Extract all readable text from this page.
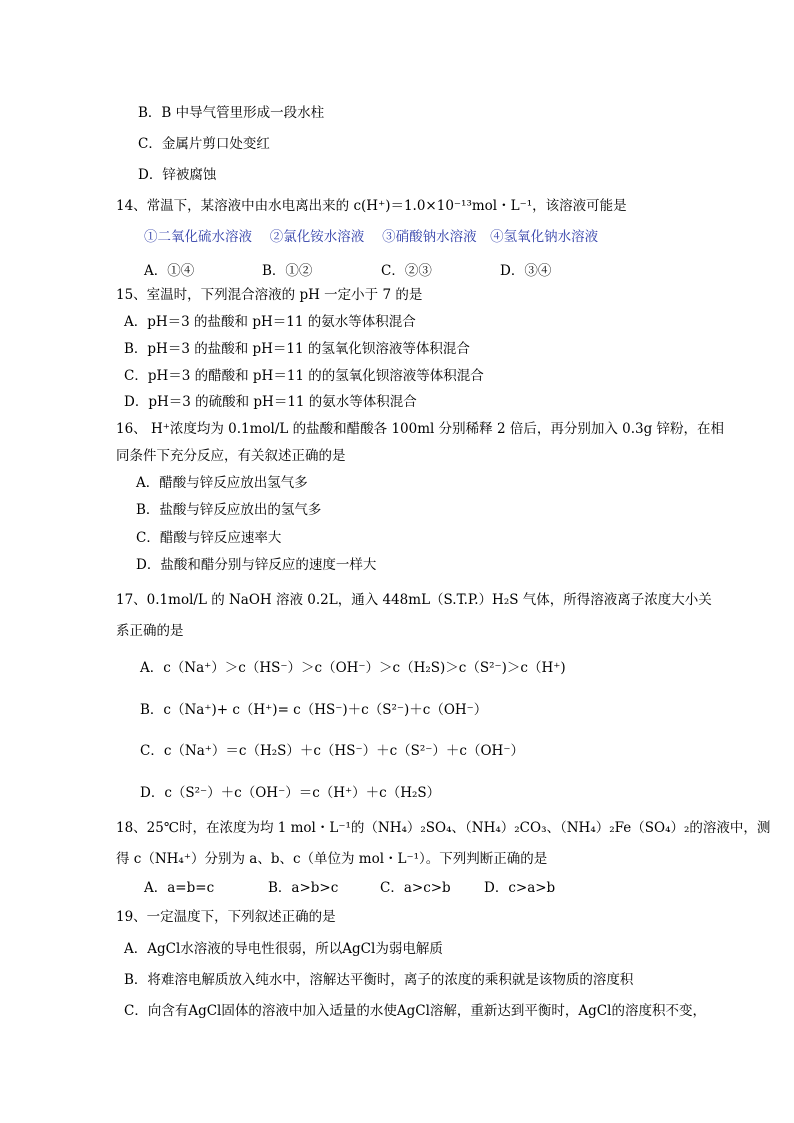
B．B 中导气管里形成一段水柱
C．金属片剪口处变红
D．锌被腐蚀
14、常温下，某溶液中由水电离出来的 c(H⁺)＝1.0×10⁻¹³mol・L⁻¹，该溶液可能是
①二氧化硫水溶液　 ②氯化铵水溶液　 ③硝酸钠水溶液　④氢氧化钠水溶液
A．①④	B．①②	C．②③	D．③④
15、室温时，下列混合溶液的 pH 一定小于 7 的是
A．pH＝3 的盐酸和 pH＝11 的氨水等体积混合
B．pH＝3 的盐酸和 pH＝11 的氢氧化钡溶液等体积混合
C．pH＝3 的醋酸和 pH＝11 的的氢氧化钡溶液等体积混合
D．pH＝3 的硫酸和 pH＝11 的氨水等体积混合
16、 H⁺浓度均为 0.1mol/L 的盐酸和醋酸各 100ml 分别稀释 2 倍后，再分别加入 0.3g 锌粉，在相
同条件下充分反应，有关叙述正确的是
A．醋酸与锌反应放出氢气多
B．盐酸与锌反应放出的氢气多
C．醋酸与锌反应速率大
D．盐酸和醋分别与锌反应的速度一样大
17、0.1mol/L 的 NaOH 溶液 0.2L，通入 448mL（S.T.P.）H₂S 气体，所得溶液离子浓度大小关
系正确的是
A．c（Na⁺）＞c（HS⁻）＞c（OH⁻）＞c（H₂S)＞c（S²⁻)＞c（H⁺)
B．c（Na⁺)+ c（H⁺)= c（HS⁻)＋c（S²⁻)＋c（OH⁻）
C．c（Na⁺）＝c（H₂S）＋c（HS⁻）＋c（S²⁻）＋c（OH⁻）
D．c（S²⁻）＋c（OH⁻）＝c（H⁺）＋c（H₂S）
18、25℃时，在浓度为均 1 mol・L⁻¹的（NH₄）₂SO₄、（NH₄）₂CO₃、（NH₄）₂Fe（SO₄）₂的溶液中，测
得 c（NH₄⁺）分别为 a、b、c（单位为 mol・L⁻¹）。下列判断正确的是
A．a=b=c	B．a>b>c	C．a>c>b D．c>a>b
19、一定温度下，下列叙述正确的是
A．AgCl水溶液的导电性很弱，所以AgCl为弱电解质
B．将难溶电解质放入纯水中，溶解达平衡时，离子的浓度的乘积就是该物质的溶度积
C．向含有AgCl固体的溶液中加入适量的水使AgCl溶解，重新达到平衡时，AgCl的溶度积不变，
